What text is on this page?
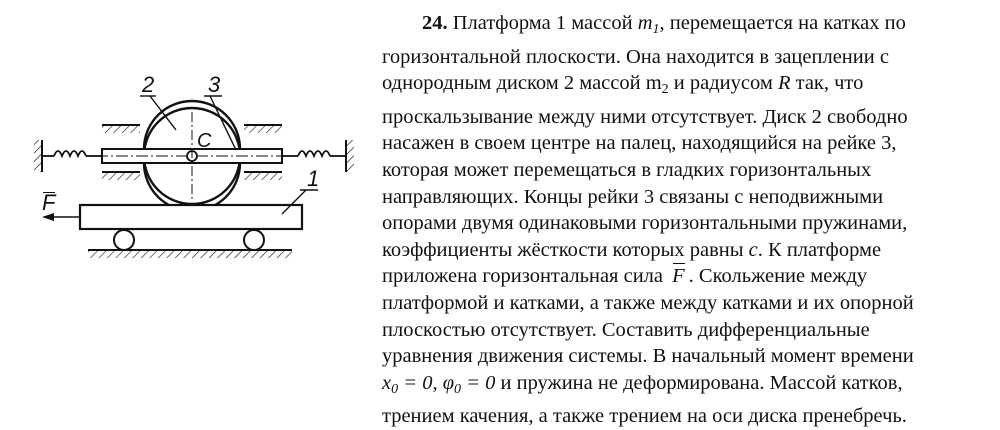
2 3
C
1
F
24. Платформа 1 массой $m_1$, перемещается на катках по
горизонтальной плоскости. Она находится в зацеплении с
однородным диском 2 массой $m_2$ и радиусом R так, что
проскальзывание между ними отсутствует. Диск 2 свободно
насажен в своем центре на палец, находящийся на рейке 3,
которая может перемещаться в гладких горизонтальных
направляющих. Концы рейки 3 связаны с неподвижными
опорами двумя одинаковыми горизонтальными пружинами,
коэффициенты жёсткости которых равны c. К платформе
приложена горизонтальная сила F . Скольжение между
платформой и катками, а также между катками и их опорной
плоскостью отсутствует. Составить дифференциальные
уравнения движения системы. В начальный момент времени
$x_0 = 0$, $\varphi_0 = 0$ и пружина не деформирована. Массой катков,
трением качения, а также трением на оси диска пренебречь.
